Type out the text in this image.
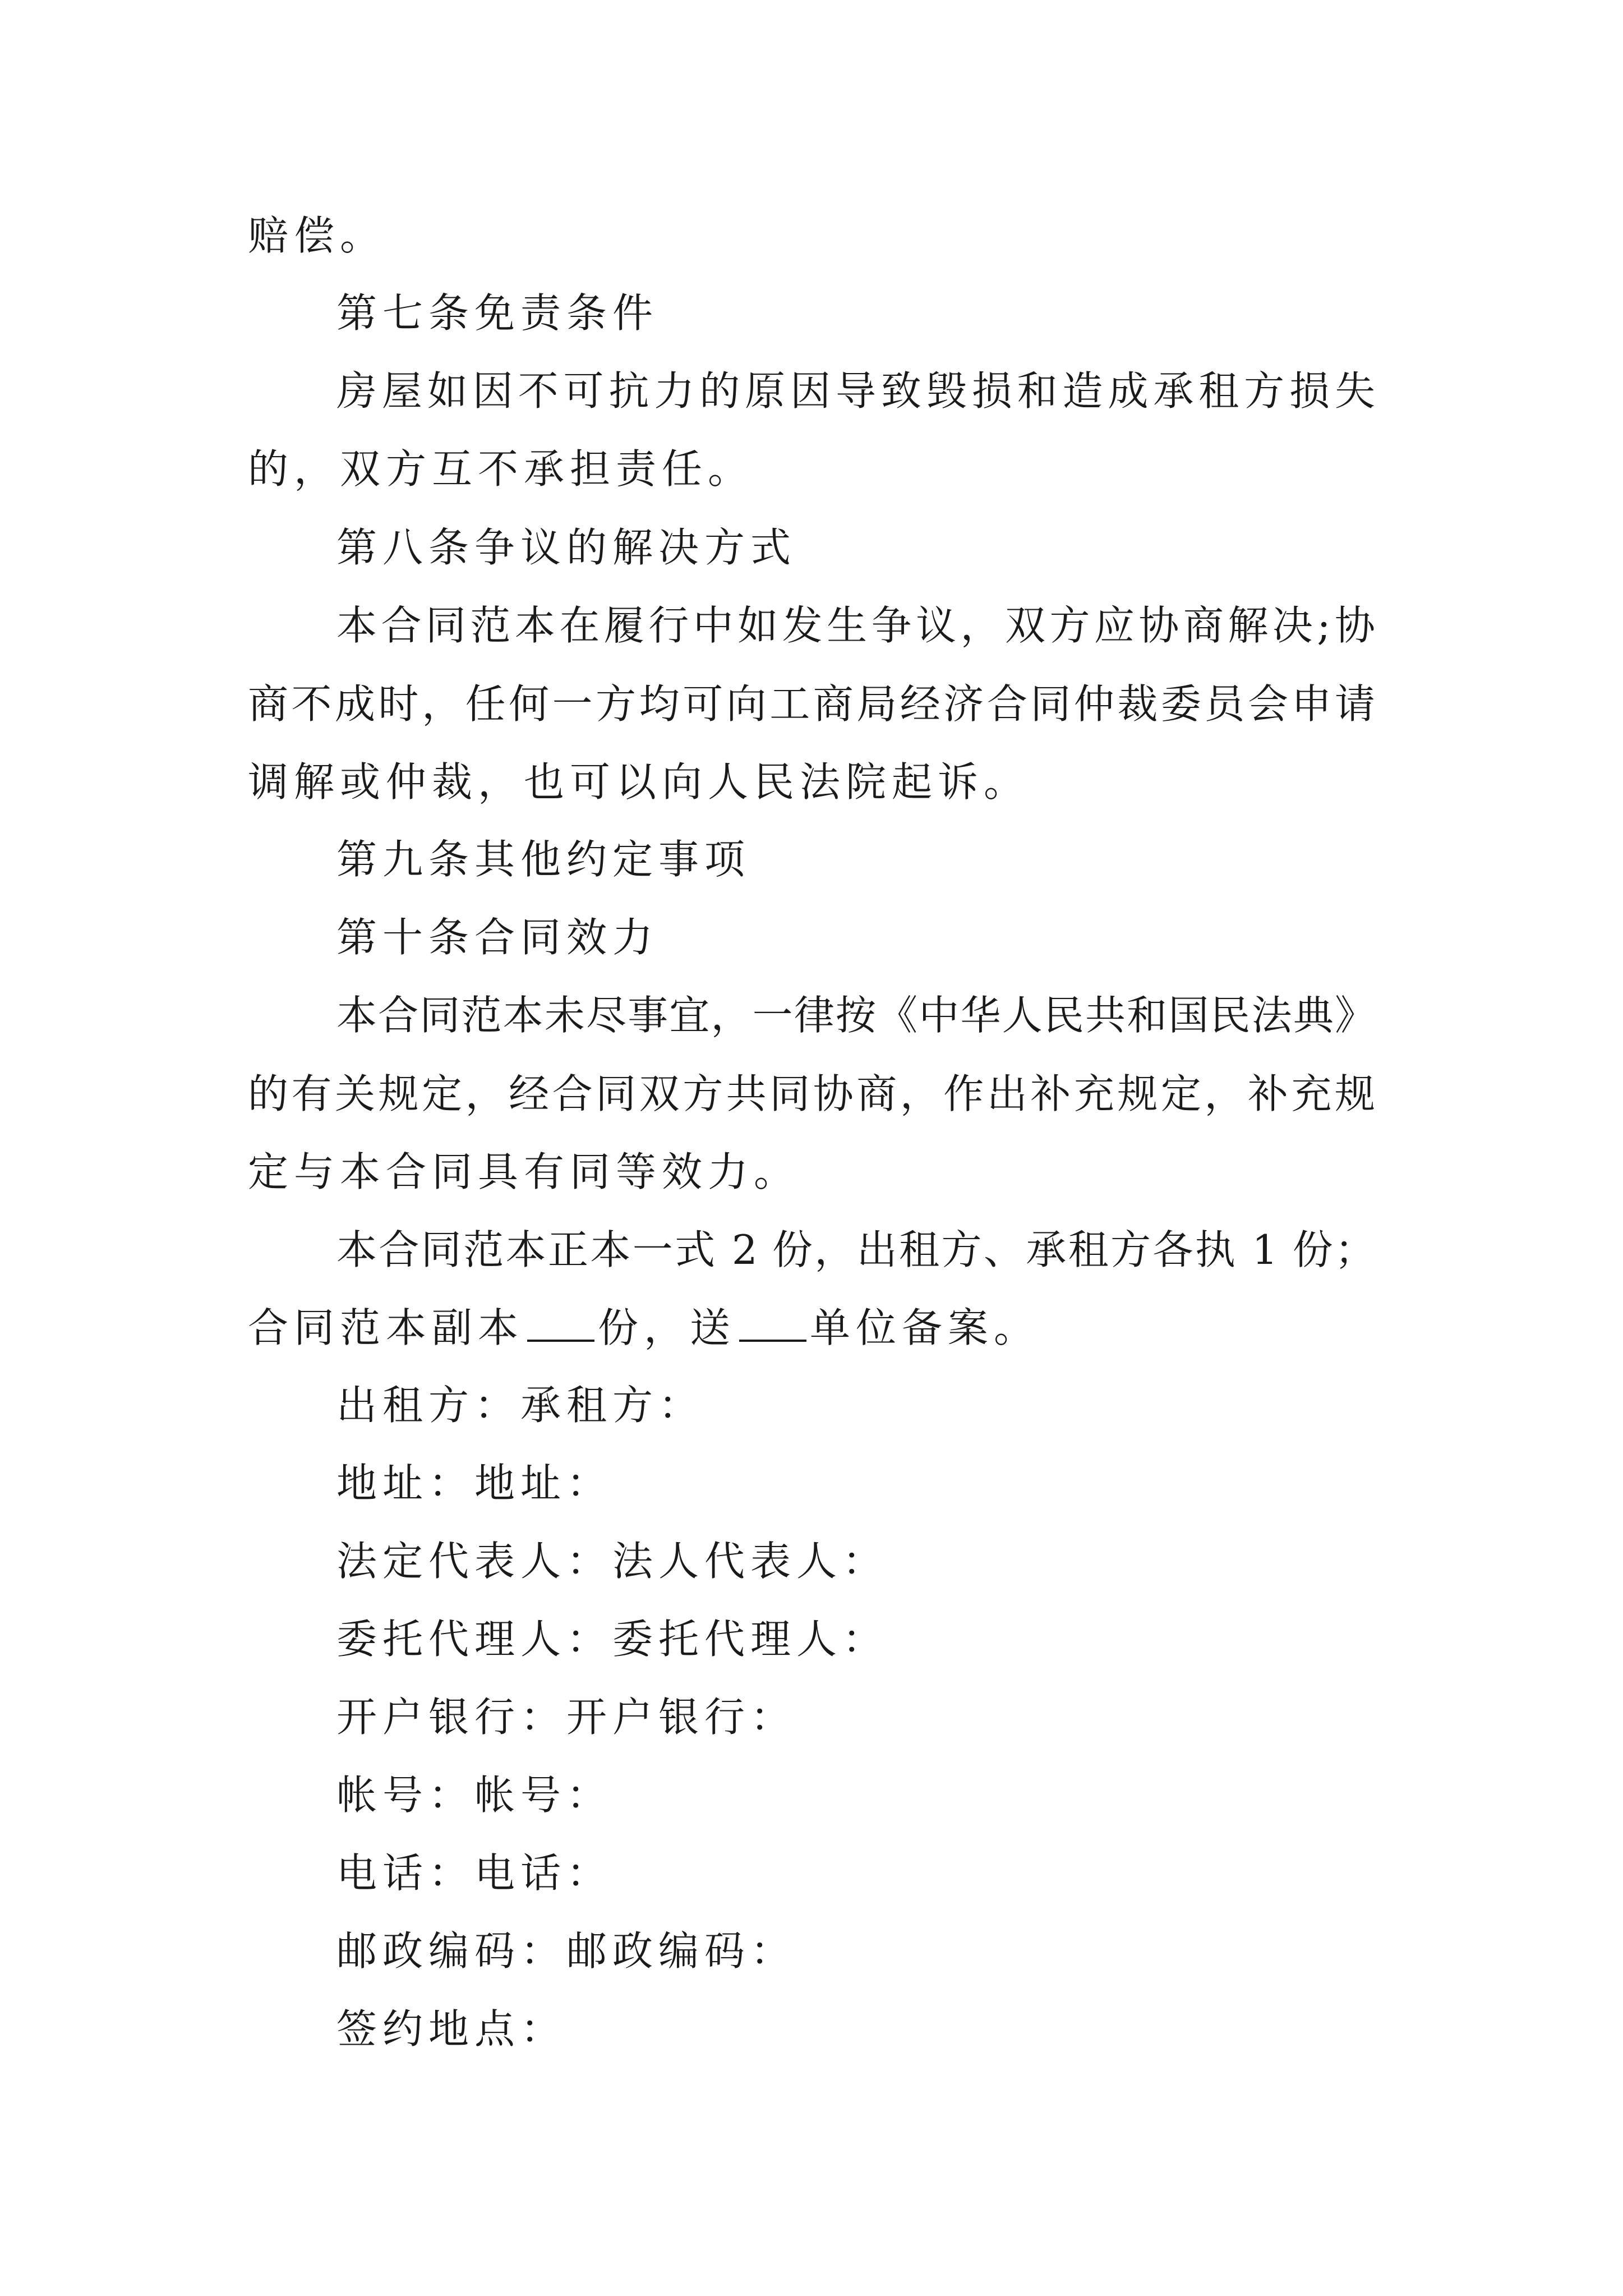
赔偿。
第七条免责条件
房屋如因不可抗力的原因导致毁损和造成承租方损失
的，双方互不承担责任。
第八条争议的解决方式
本合同范本在履行中如发生争议，双方应协商解决;协
商不成时，任何一方均可向工商局经济合同仲裁委员会申请
调解或仲裁，也可以向人民法院起诉。
第九条其他约定事项
第十条合同效力
本合同范本未尽事宜，一律按《中华人民共和国民法典》
的有关规定，经合同双方共同协商，作出补充规定，补充规
定与本合同具有同等效力。
本合同范本正本一式 2 份，出租方、承租方各执 1 份；
合同范本副本 份，送 单位备案。
出租方：承租方：
地址：地址：
法定代表人：法人代表人：
委托代理人：委托代理人：
开户银行：开户银行：
帐号：帐号：
电话：电话：
邮政编码：邮政编码：
签约地点：
